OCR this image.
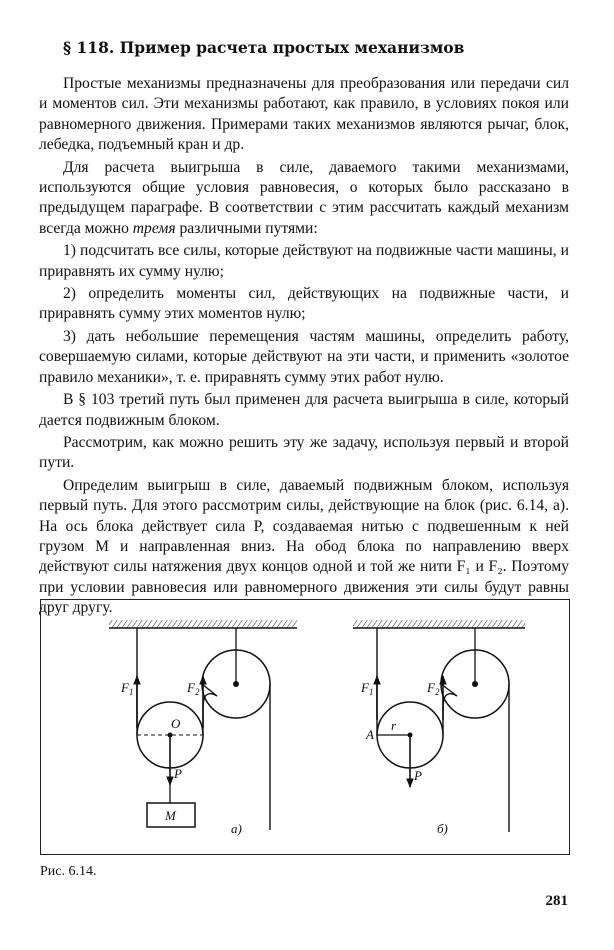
§ 118. Пример расчета простых механизмов

Простые механизмы предназначены для преобразования или передачи сил и моментов сил. Эти механизмы работают, как правило, в условиях покоя или равномерного движения. Примерами таких механизмов являются рычаг, блок, лебедка, подъемный кран и др.

Для расчета выигрыша в силе, даваемого такими механизмами, используются общие условия равновесия, о которых было рассказано в предыдущем параграфе. В соответствии с этим рассчитать каждый механизм всегда можно тремя различными путями:

1) подсчитать все силы, которые действуют на подвижные части машины, и приравнять их сумму нулю;

2) определить моменты сил, действующих на подвижные части, и приравнять сумму этих моментов нулю;

3) дать небольшие перемещения частям машины, определить работу, совершаемую силами, которые действуют на эти части, и применить «золотое правило механики», т. е. приравнять сумму этих работ нулю.

В § 103 третий путь был применен для расчета выигрыша в силе, который дается подвижным блоком.

Рассмотрим, как можно решить эту же задачу, используя первый и второй пути.

Определим выигрыш в силе, даваемый подвижным блоком, используя первый путь. Для этого рассмотрим силы, действующие на блок (рис. 6.14, а). На ось блока действует сила P, создаваемая нитью с подвешенным к ней грузом M и направленная вниз. На обод блока по направлению вверх действуют силы натяжения двух концов одной и той же нити F₁ и F₂. Поэтому при условии равновесия или равномерного движения эти силы будут равны друг другу.

$F_1$	$F_2$
O
P
M
а)
$F_1$	$F_2$
A
r
P
б)
Рис. 6.14.
281
